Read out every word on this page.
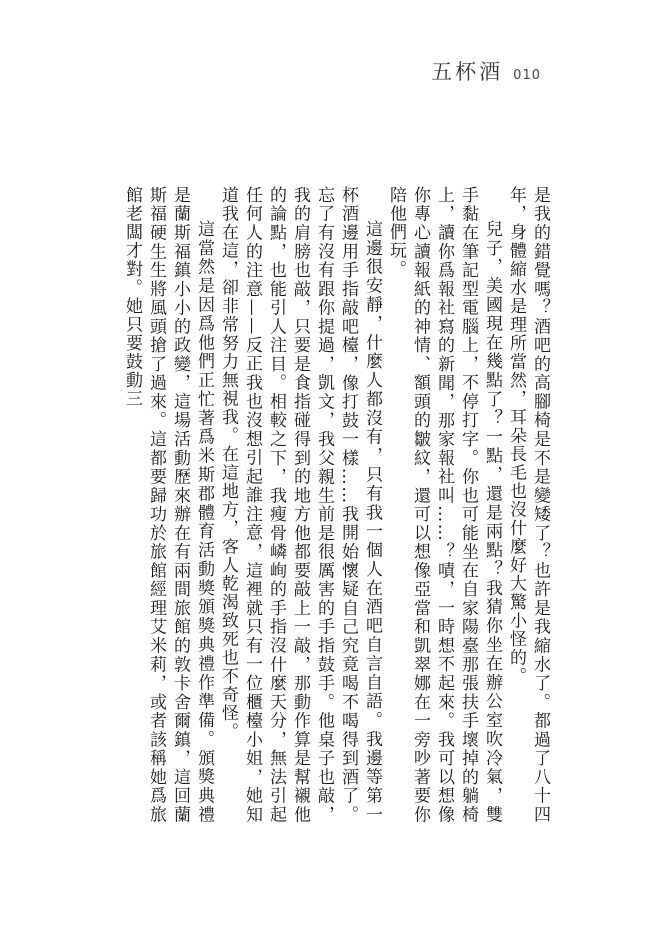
五杯酒 010

是我的錯覺嗎？酒吧的高腳椅是不是變矮了？也許是我縮水了。都過了八十四年，身體縮水是理所當然，耳朵長毛也沒什麼好大驚小怪的。

兒子，美國現在幾點了？一點，還是兩點？我猜你坐在辦公室吹冷氣，雙手黏在筆記型電腦上，不停打字。你也可能坐在自家陽臺那張扶手壞掉的躺椅上，讀你爲報社寫的新聞，那家報社叫……？嘖，一時想不起來。我可以想像你專心讀報紙的神情、額頭的皺紋，還可以想像亞當和凱翠娜在一旁吵著要你陪他們玩。

這邊很安靜，什麼人都沒有，只有我一個人在酒吧自言自語。我邊等第一杯酒邊用手指敲吧檯，像打鼓一樣……我開始懷疑自己究竟喝不喝得到酒了。忘了有沒有跟你提過，凱文，我父親生前是很厲害的手指鼓手。他桌子也敲，我的肩膀也敲，只要是食指碰得到的地方他都要敲上一敲，那動作算是幫襯他的論點，也能引人注目。相較之下，我瘦骨嶙峋的手指沒什麼天分，無法引起任何人的注意——反正我也沒想引起誰注意，這裡就只有一位櫃檯小姐，她知道我在這，卻非常努力無視我。在這地方，客人乾渴致死也不奇怪。

這當然是因爲他們正忙著爲米斯郡體育活動獎頒獎典禮作準備。頒獎典禮是蘭斯福鎮小小的政變，這場活動歷來辦在有兩間旅館的敦卡舍爾鎮，這回蘭斯福硬生生將風頭搶了過來。這都要歸功於旅館經理艾米莉，或者該稱她爲旅館老闆才對。她只要鼓動三
